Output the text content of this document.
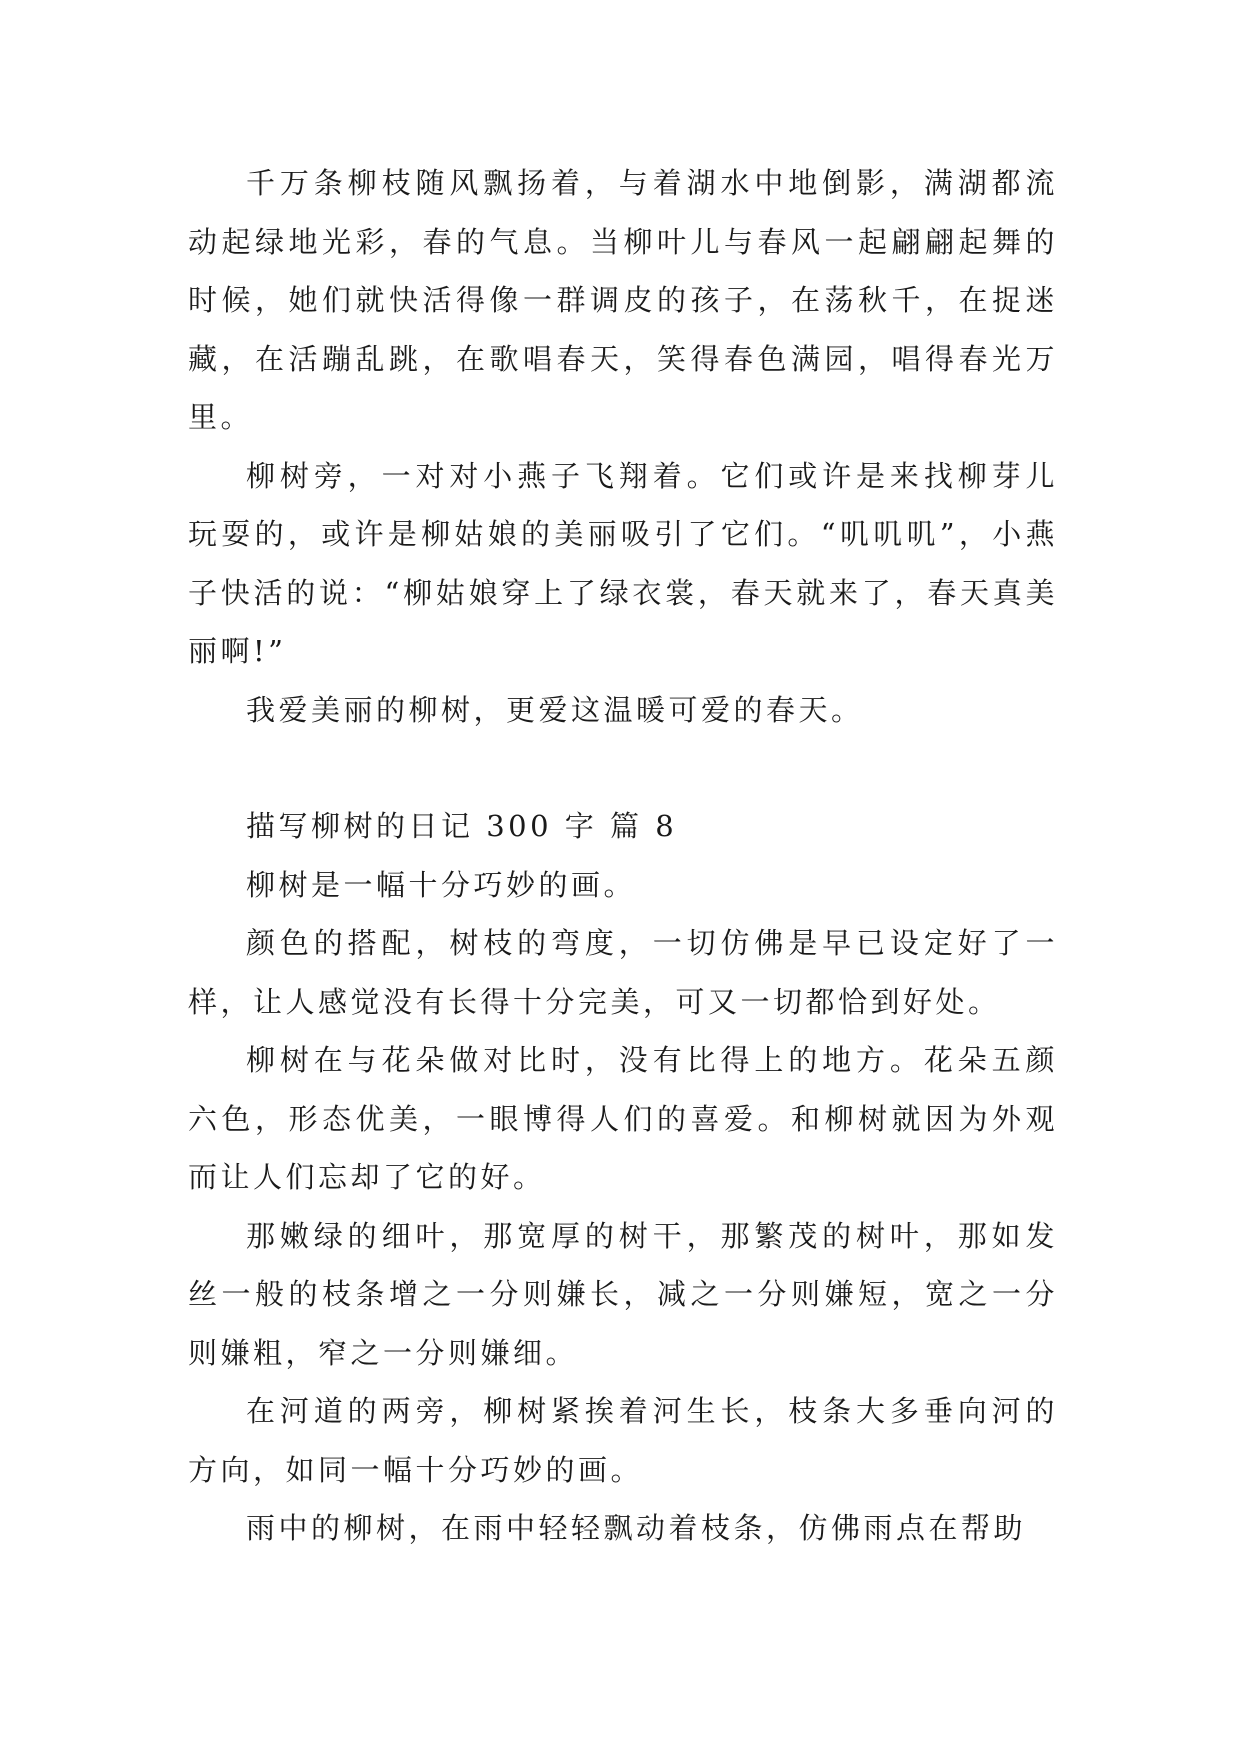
千万条柳枝随风飘扬着，与着湖水中地倒影，满湖都流动起绿地光彩，春的气息。当柳叶儿与春风一起翩翩起舞的时候，她们就快活得像一群调皮的孩子，在荡秋千，在捉迷藏，在活蹦乱跳，在歌唱春天，笑得春色满园，唱得春光万里。

柳树旁，一对对小燕子飞翔着。它们或许是来找柳芽儿玩耍的，或许是柳姑娘的美丽吸引了它们。“叽叽叽”，小燕子快活的说：“柳姑娘穿上了绿衣裳，春天就来了，春天真美丽啊!”

我爱美丽的柳树，更爱这温暖可爱的春天。

描写柳树的日记 300 字 篇 8

柳树是一幅十分巧妙的画。

颜色的搭配，树枝的弯度，一切仿佛是早已设定好了一样，让人感觉没有长得十分完美，可又一切都恰到好处。

柳树在与花朵做对比时，没有比得上的地方。花朵五颜六色，形态优美，一眼博得人们的喜爱。和柳树就因为外观而让人们忘却了它的好。

那嫩绿的细叶，那宽厚的树干，那繁茂的树叶，那如发丝一般的枝条增之一分则嫌长，减之一分则嫌短，宽之一分则嫌粗，窄之一分则嫌细。

在河道的两旁，柳树紧挨着河生长，枝条大多垂向河的方向，如同一幅十分巧妙的画。

雨中的柳树，在雨中轻轻飘动着枝条，仿佛雨点在帮助
